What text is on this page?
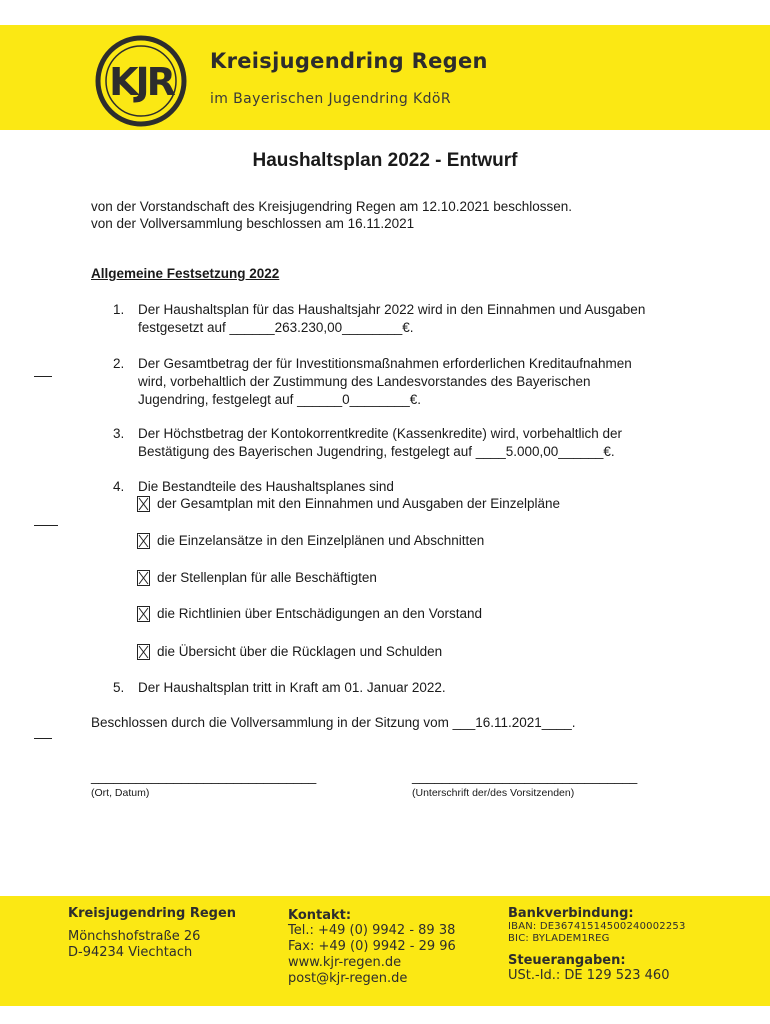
KJR Kreisjugendring Regen
im Bayerischen Jugendring KdöR
Haushaltsplan 2022 - Entwurf
von der Vorstandschaft des Kreisjugendring Regen am 12.10.2021 beschlossen.
von der Vollversammlung beschlossen am 16.11.2021
Allgemeine Festsetzung 2022
1. Der Haushaltsplan für das Haushaltsjahr 2022 wird in den Einnahmen und Ausgaben
festgesetzt auf ______263.230,00________€.
2. Der Gesamtbetrag der für Investitionsmaßnahmen erforderlichen Kreditaufnahmen
wird, vorbehaltlich der Zustimmung des Landesvorstandes des Bayerischen
Jugendring, festgelegt auf ______0________€.
3. Der Höchstbetrag der Kontokorrentkredite (Kassenkredite) wird, vorbehaltlich der
Bestätigung des Bayerischen Jugendring, festgelegt auf ____5.000,00______€.
4. Die Bestandteile des Haushaltsplanes sind
der Gesamtplan mit den Einnahmen und Ausgaben der Einzelpläne
die Einzelansätze in den Einzelplänen und Abschnitten
der Stellenplan für alle Beschäftigten
die Richtlinien über Entschädigungen an den Vorstand
die Übersicht über die Rücklagen und Schulden
5. Der Haushaltsplan tritt in Kraft am 01. Januar 2022.
Beschlossen durch die Vollversammlung in der Sitzung vom ___16.11.2021____.
______________________________
(Ort, Datum)
______________________________
(Unterschrift der/des Vorsitzenden)
Kreisjugendring Regen
Mönchshofstraße 26
D-94234 Viechtach
Kontakt:
Tel.: +49 (0) 9942 - 89 38
Fax: +49 (0) 9942 - 29 96
www.kjr-regen.de
post@kjr-regen.de
Bankverbindung:
IBAN: DE36741514500240002253
BIC: BYLADEM1REG
Steuerangaben:
USt.-Id.: DE 129 523 460
